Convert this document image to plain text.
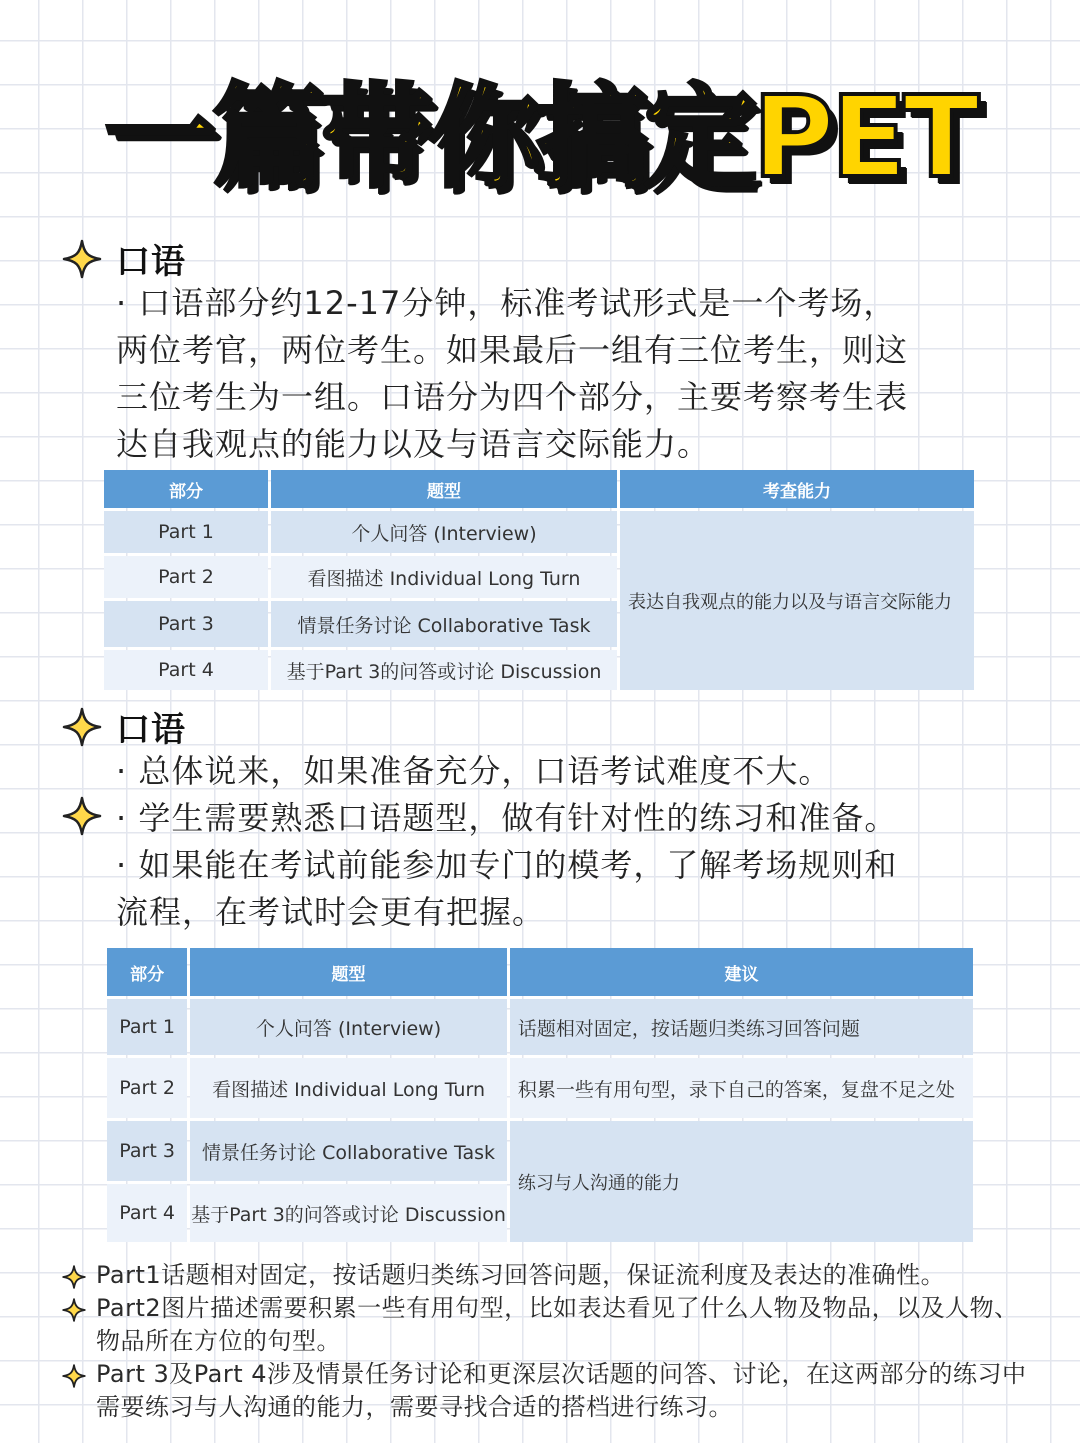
一篇带你搞定PET
口语

· 口语部分约12-17分钟，标准考试形式是一个考场，

两位考官，两位考生。如果最后一组有三位考生，则这

三位考生为一组。口语分为四个部分，主要考察考生表

达自我观点的能力以及与语言交际能力。

部分	题型	考查能力
Part 1	个人问答 (Interview)	表达自我观点的能力以及与语言交际能力
Part 2	看图描述 Individual Long Turn	
Part 3	情景任务讨论 Collaborative Task	
Part 4	基于Part 3的问答或讨论 Discussion	
口语

· 总体说来，如果准备充分，口语考试难度不大。

· 学生需要熟悉口语题型，做有针对性的练习和准备。

· 如果能在考试前能参加专门的模考，了解考场规则和

流程，在考试时会更有把握。

部分	题型	建议
Part 1	个人问答 (Interview)	话题相对固定，按话题归类练习回答问题
Part 2	看图描述 Individual Long Turn	积累一些有用句型，录下自己的答案，复盘不足之处
Part 3	情景任务讨论 Collaborative Task	练习与人沟通的能力
Part 4	基于Part 3的问答或讨论 Discussion	
Part1话题相对固定，按话题归类练习回答问题，保证流利度及表达的准确性。
Part2图片描述需要积累一些有用句型，比如表达看见了什么人物及物品，以及人物、物品所在方位的句型。
Part 3及Part 4涉及情景任务讨论和更深层次话题的问答、讨论，在这两部分的练习中需要练习与人沟通的能力，需要寻找合适的搭档进行练习。
